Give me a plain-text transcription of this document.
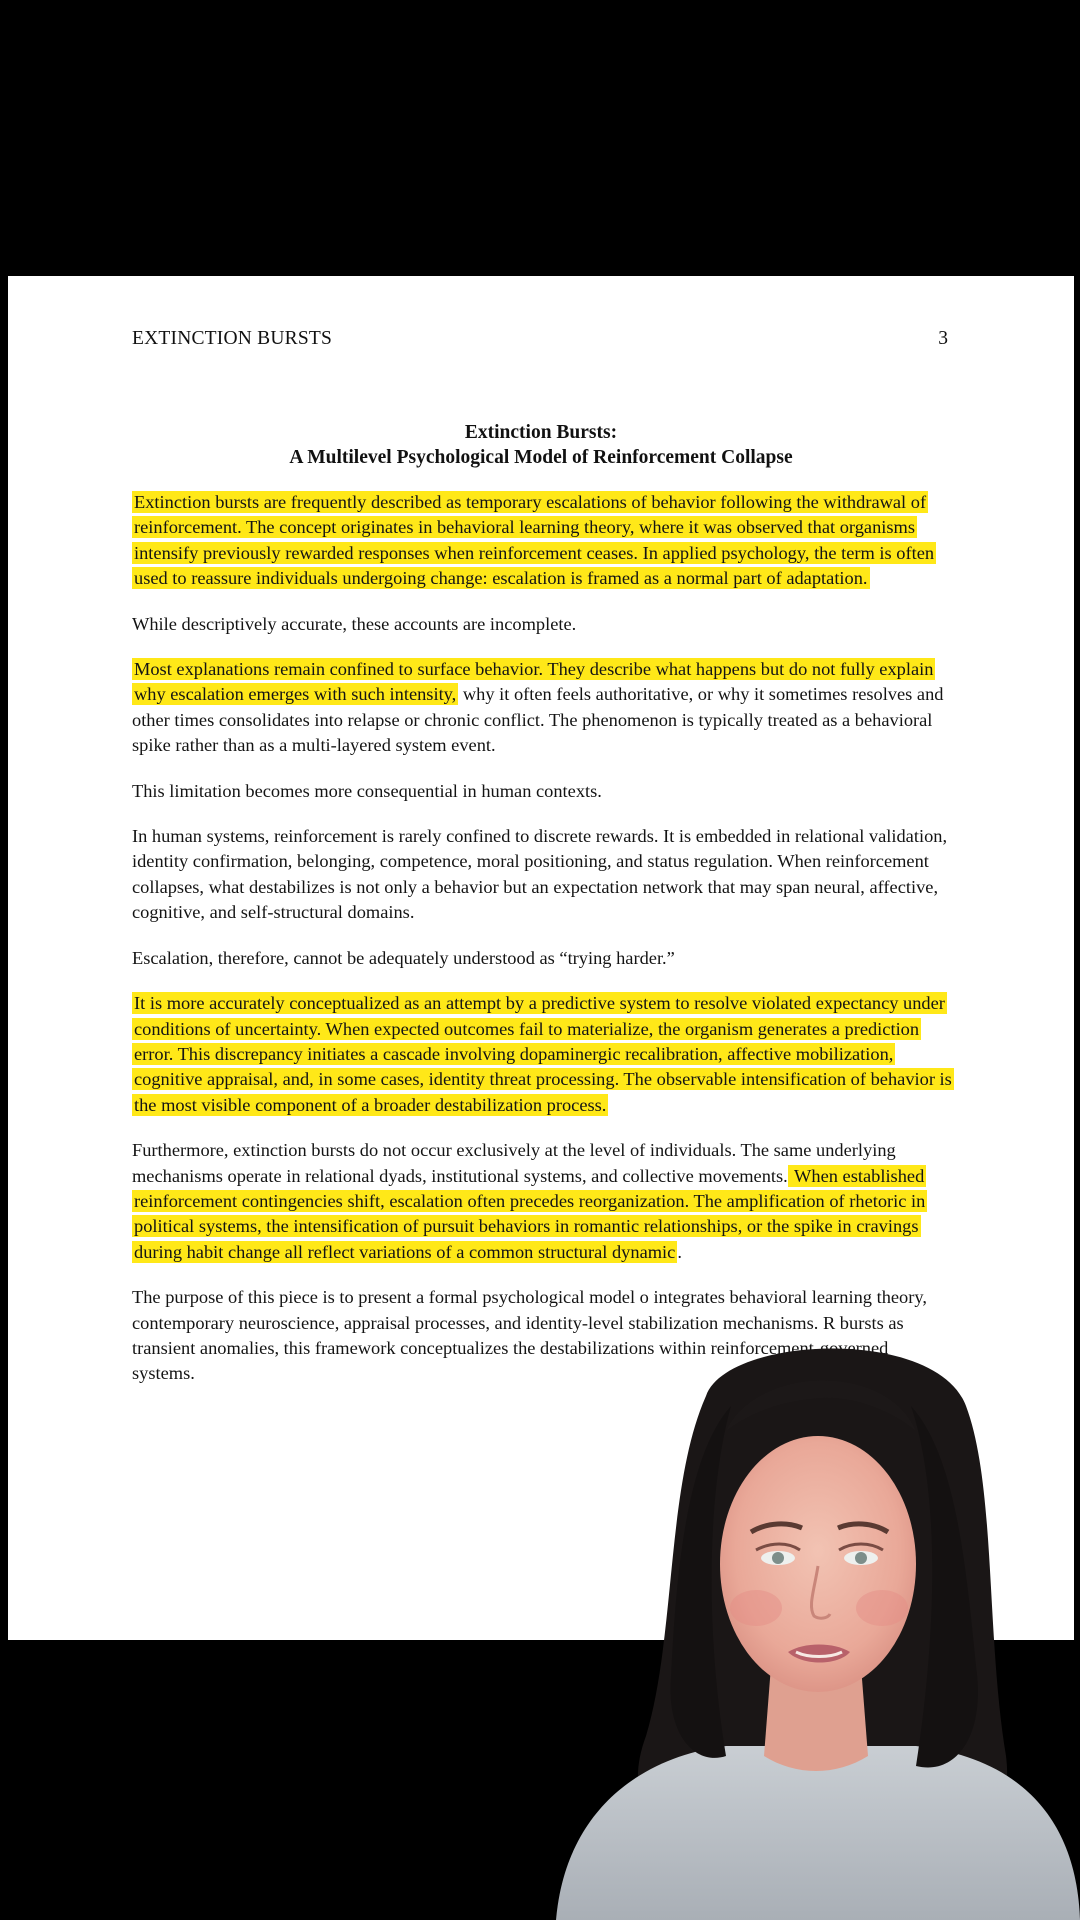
EXTINCTION BURSTS	3
Extinction Bursts:
A Multilevel Psychological Model of Reinforcement Collapse

Extinction bursts are frequently described as temporary escalations of behavior following the withdrawal of reinforcement. The concept originates in behavioral learning theory, where it was observed that organisms intensify previously rewarded responses when reinforcement ceases. In applied psychology, the term is often used to reassure individuals undergoing change: escalation is framed as a normal part of adaptation.

While descriptively accurate, these accounts are incomplete.

Most explanations remain confined to surface behavior. They describe what happens but do not fully explain why escalation emerges with such intensity, why it often feels authoritative, or why it sometimes resolves and other times consolidates into relapse or chronic conflict. The phenomenon is typically treated as a behavioral spike rather than as a multi-layered system event.

This limitation becomes more consequential in human contexts.

In human systems, reinforcement is rarely confined to discrete rewards. It is embedded in relational validation, identity confirmation, belonging, competence, moral positioning, and status regulation. When reinforcement collapses, what destabilizes is not only a behavior but an expectation network that may span neural, affective, cognitive, and self-structural domains.

Escalation, therefore, cannot be adequately understood as “trying harder.”

It is more accurately conceptualized as an attempt by a predictive system to resolve violated expectancy under conditions of uncertainty. When expected outcomes fail to materialize, the organism generates a prediction error. This discrepancy initiates a cascade involving dopaminergic recalibration, affective mobilization, cognitive appraisal, and, in some cases, identity threat processing. The observable intensification of behavior is the most visible component of a broader destabilization process.

Furthermore, extinction bursts do not occur exclusively at the level of individuals. The same underlying mechanisms operate in relational dyads, institutional systems, and collective movements. When established reinforcement contingencies shift, escalation often precedes reorganization. The amplification of rhetoric in political systems, the intensification of pursuit behaviors in romantic relationships, or the spike in cravings during habit change all reflect variations of a common structural dynamic .

The purpose of this piece is to present a formal psychological model o integrates behavioral learning theory, contemporary neuroscience, appraisal processes, and identity-level stabilization mechanisms. R bursts as transient anomalies, this framework conceptualizes the destabilizations within reinforcement-governed systems.
